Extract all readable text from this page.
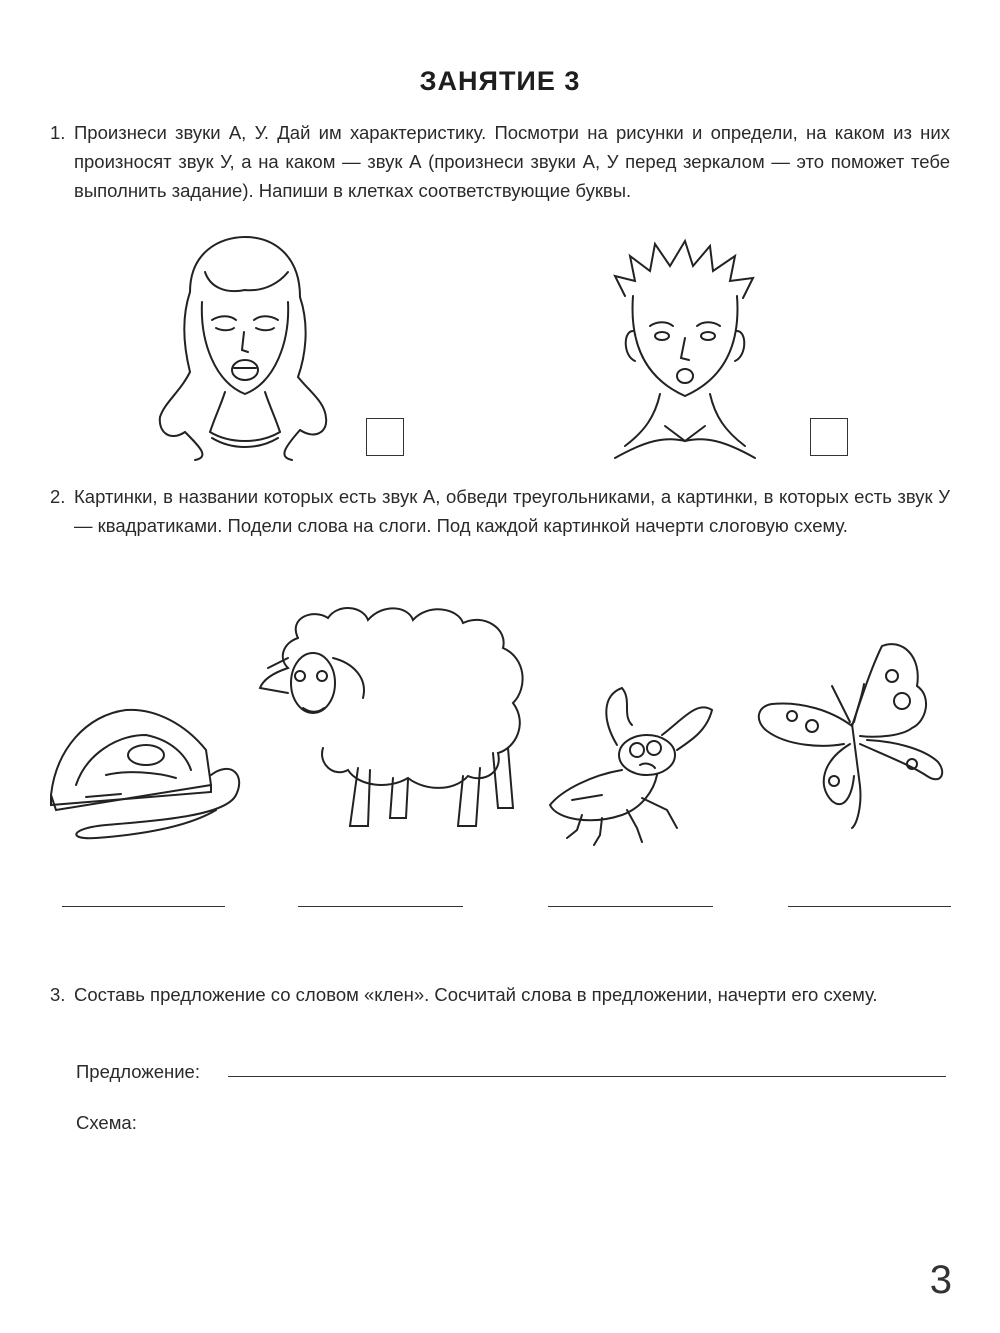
ЗАНЯТИЕ 3
1. Произнеси звуки А, У. Дай им характеристику. Посмотри на рисунки и определи, на каком из них произносят звук У, а на каком — звук А (произнеси звуки А, У перед зеркалом — это поможет тебе выполнить задание). Напиши в клетках соответствующие буквы.
2. Картинки, в названии которых есть звук А, обведи треугольниками, а картинки, в которых есть звук У — квадратиками. Подели слова на слоги. Под каждой картинкой начерти слоговую схему.
3. Составь предложение со словом «клен». Сосчитай слова в предложении, начерти его схему.
Предложение:
Схема:
3
